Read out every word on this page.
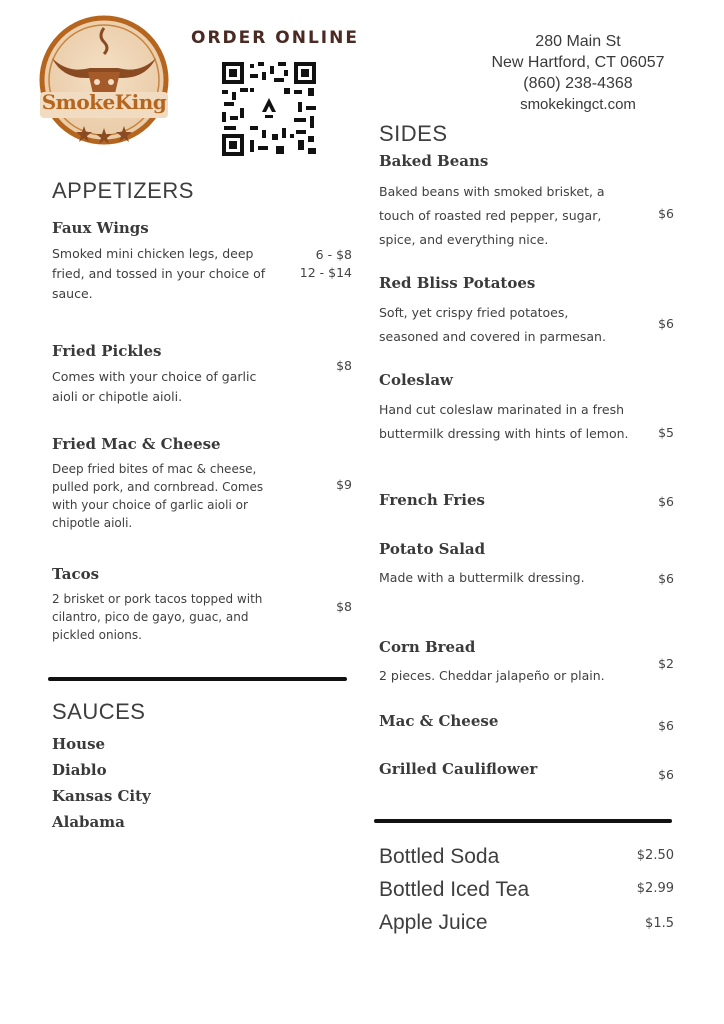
SmokeKing
ORDER ONLINE	280 Main St
New Hartford, CT 06057
(860) 238-4368
smokekingct.com
APPETIZERS
Faux Wings
Smoked mini chicken legs, deep fried, and tossed in your choice of sauce.
6 - $8
12 - $14
Fried Pickles
Comes with your choice of garlic aioli or chipotle aioli.
$8
Fried Mac & Cheese
Deep fried bites of mac & cheese, pulled pork, and cornbread. Comes with your choice of garlic aioli or chipotle aioli.
$9
Tacos
2 brisket or pork tacos topped with cilantro, pico de gayo, guac, and pickled onions.
$8
SAUCES
House
Diablo
Kansas City
Alabama
SIDES
Baked Beans
Baked beans with smoked brisket, a touch of roasted red pepper, sugar, spice, and everything nice.
$6
Red Bliss Potatoes
Soft, yet crispy fried potatoes, seasoned and covered in parmesan.
$6
Coleslaw
Hand cut coleslaw marinated in a fresh buttermilk dressing with hints of lemon.	$5
French Fries	$6
Potato Salad
Made with a buttermilk dressing.	$6
Corn Bread
2 pieces. Cheddar jalapeño or plain.
$2
Mac & Cheese	$6
Grilled Cauliflower	$6
Bottled Soda	$2.50
Bottled Iced Tea	$2.99
Apple Juice	$1.5
